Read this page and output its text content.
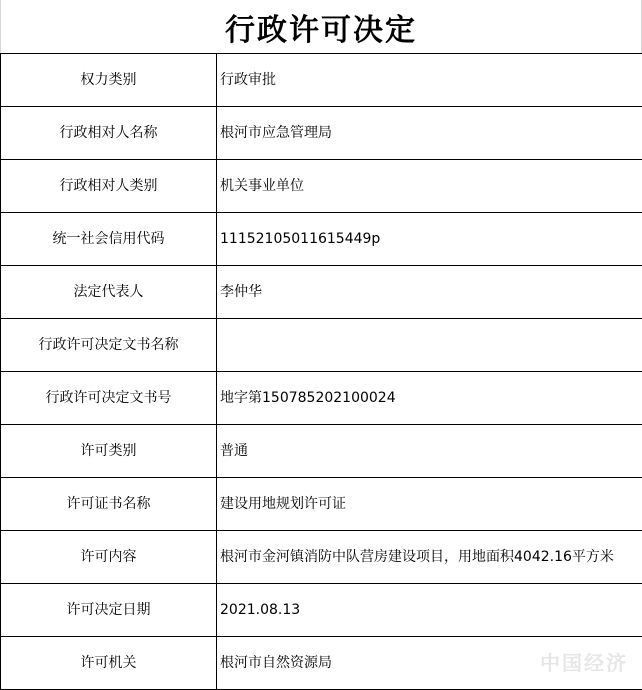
行政许可决定
权力类别	行政审批
行政相对人名称	根河市应急管理局
行政相对人类别	机关事业单位
统一社会信用代码	11152105011615449p
法定代表人	李仲华
行政许可决定文书名称	
行政许可决定文书号	地字第150785202100024
许可类别	普通
许可证书名称	建设用地规划许可证
许可内容	根河市金河镇消防中队营房建设项目，用地面积4042.16平方米
许可决定日期	2021.08.13
许可机关	根河市自然资源局	中国经济
